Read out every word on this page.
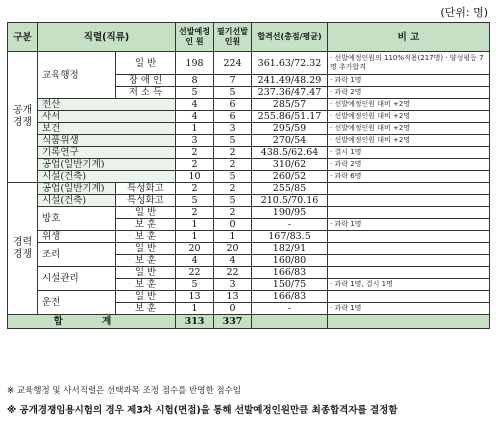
(단위: 명)
구분	직렬(직류)		선발예정인 원	필기선발인원	합격선(총점/평균)	비 고
공개경쟁	교육행정	일 반	198	224	361.63/72.32	· 선발예정인원의 110%적용(217명) · 양성평등 7명 추가합격
		장 애 인	8	7	241.49/48.29	· 과락 1명
		저 소 득	5	5	237.36/47.47	· 과락 2명
	전산		4	6	285/57	· 선발예정인원 대비 +2명
	사서		4	6	255.86/51.17	· 선발예정인원 대비 +2명
	보건		1	3	295/59	· 선발예정인원 대비 +2명
	식품위생		3	5	270/54	· 선발예정인원 대비 +2명
	기록연구		2	2	438.5/62.64	· 결시 1명
	공업(일반기계)		2	2	310/62	· 과락 2명
	시설(건축)		10	5	260/52	· 과락 6명
경력경쟁	공업(일반기계)	특성화고	2	2	255/85	
	시설(건축)	특성화고	5	5	210.5/70.16	
	방호	일 반	2	2	190/95	
		보 훈	1	0	-	· 과락 1명
	위생	보 훈	1	1	167/83.5	
	조리	일 반	20	20	182/91	
		보 훈	4	4	160/80	
	시설관리	일 반	22	22	166/83	
		보 훈	5	3	150/75	· 과락 1명, 결시 1명
	운전	일 반	13	13	166/83	
		보 훈	1	0	-	· 과락 1명
합 계			313	337		
※ 교육행정 및 사서직렬은 선택과목 조정 점수를 반영한 점수임
※ 공개경쟁임용시험의 경우 제3차 시험(면접)을 통해 선발예정인원만큼 최종합격자를 결정함
